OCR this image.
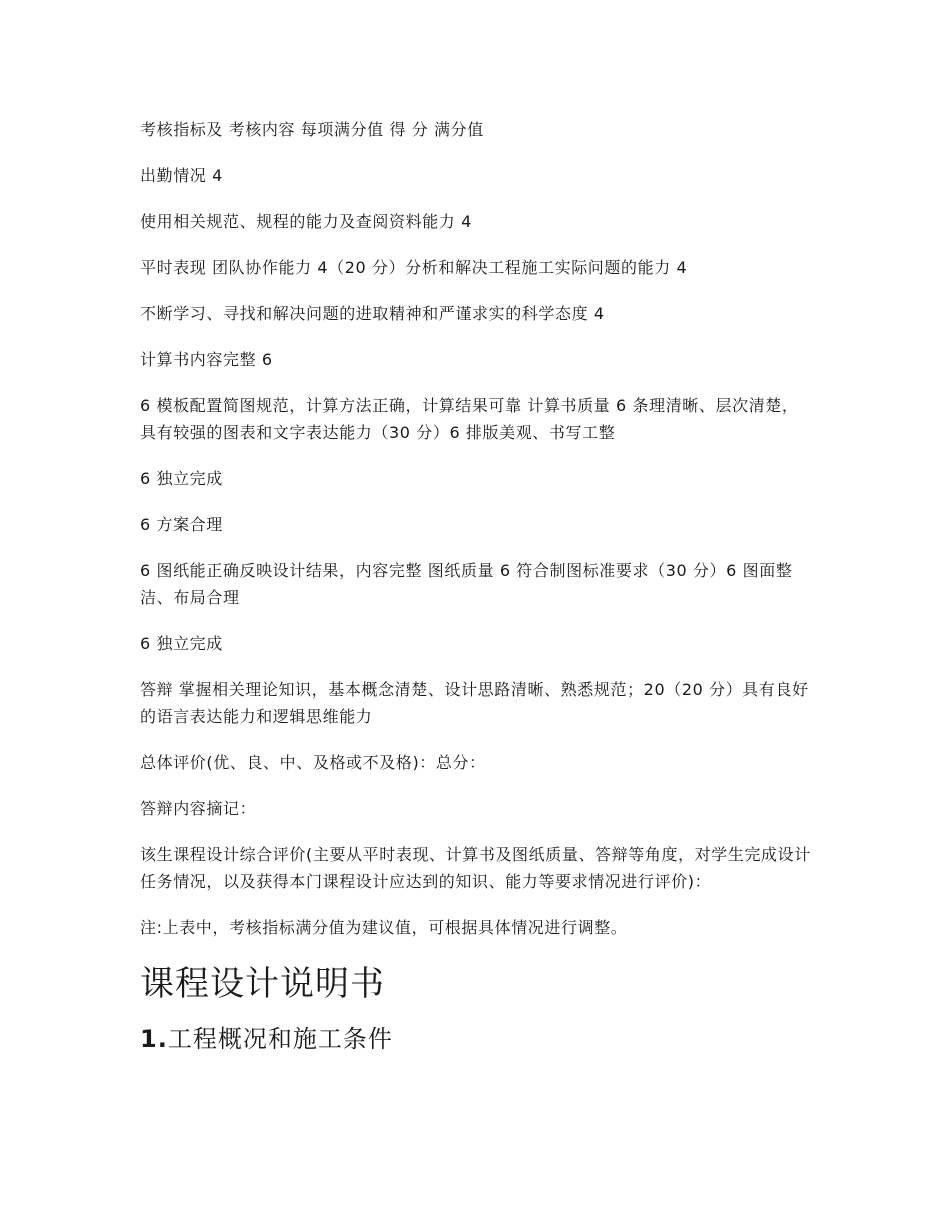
考核指标及 考核内容 每项满分值 得 分 满分值

出勤情况 4

使用相关规范、规程的能力及查阅资料能力 4

平时表现 团队协作能力 4（20 分）分析和解决工程施工实际问题的能力 4

不断学习、寻找和解决问题的进取精神和严谨求实的科学态度 4

计算书内容完整 6

6 模板配置简图规范，计算方法正确，计算结果可靠 计算书质量 6 条理清晰、层次清楚，具有较强的图表和文字表达能力（30 分）6 排版美观、书写工整

6 独立完成

6 方案合理

6 图纸能正确反映设计结果，内容完整 图纸质量 6 符合制图标准要求（30 分）6 图面整洁、布局合理

6 独立完成

答辩 掌握相关理论知识，基本概念清楚、设计思路清晰、熟悉规范；20（20 分）具有良好的语言表达能力和逻辑思维能力

总体评价(优、良、中、及格或不及格)：总分：

答辩内容摘记：

该生课程设计综合评价(主要从平时表现、计算书及图纸质量、答辩等角度，对学生完成设计任务情况，以及获得本门课程设计应达到的知识、能力等要求情况进行评价)：

注:上表中，考核指标满分值为建议值，可根据具体情况进行调整。

课程设计说明书
1.工程概况和施工条件
